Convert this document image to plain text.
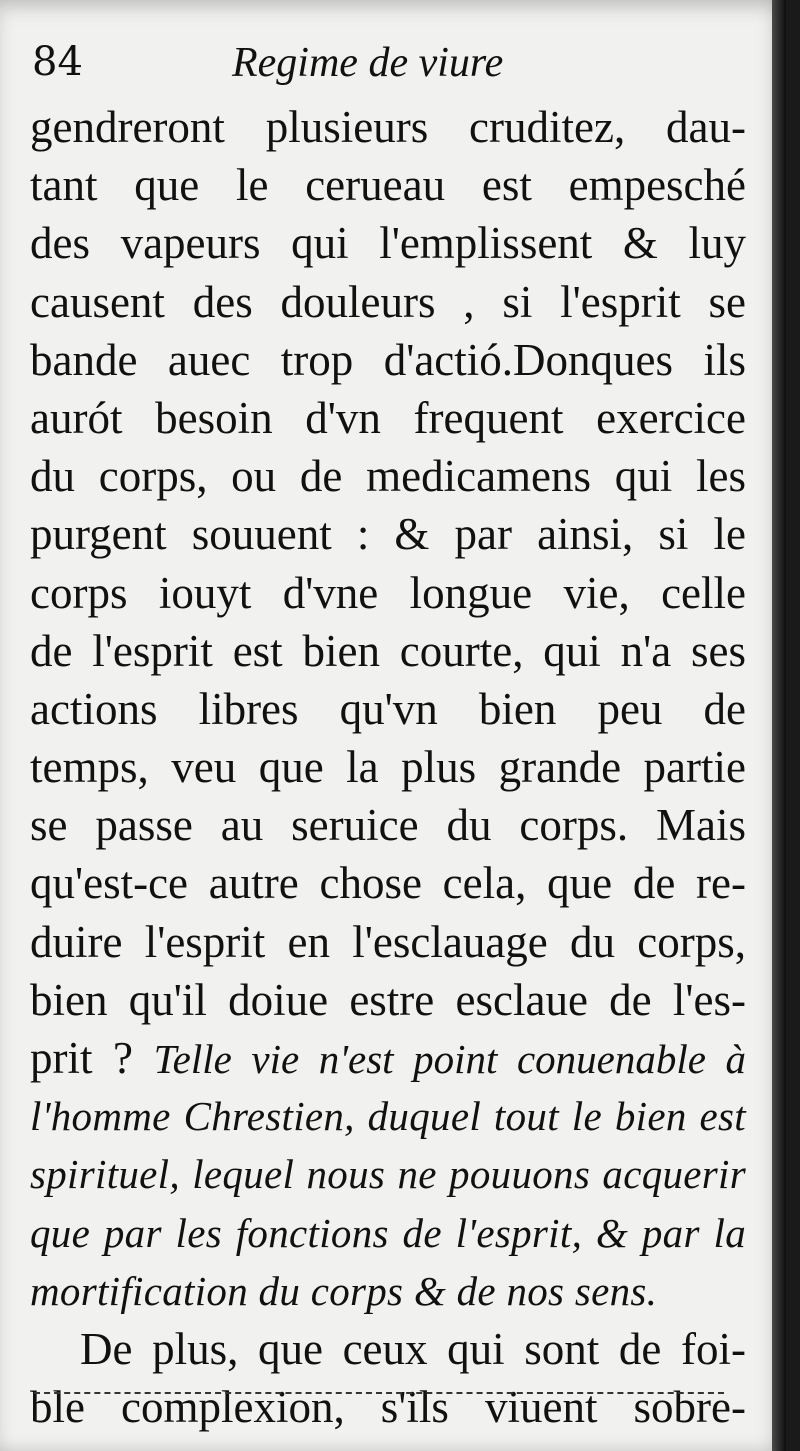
84	Regime de viure
gendreront plusieurs cruditez, dau-
tant que le cerueau est empesché
des vapeurs qui l'emplissent & luy
causent des douleurs , si l'esprit se
bande auec trop d'actió.Donques ils
aurót besoin d'vn frequent exercice
du corps, ou de medicamens qui les
purgent souuent : & par ainsi, si le
corps iouyt d'vne longue vie, celle
de l'esprit est bien courte, qui n'a ses
actions libres qu'vn bien peu de
temps, veu que la plus grande partie
se passe au seruice du corps. Mais
qu'est-ce autre chose cela, que de re-
duire l'esprit en l'esclauage du corps,
bien qu'il doiue estre esclaue de l'es-
prit ? Telle vie n'est point conuenable à
l'homme Chrestien, duquel tout le bien est
spirituel, lequel nous ne pouuons acquerir
que par les fonctions de l'esprit, & par la
mortification du corps & de nos sens.
De plus, que ceux qui sont de foi-
ble complexion, s'ils viuent sobre-
